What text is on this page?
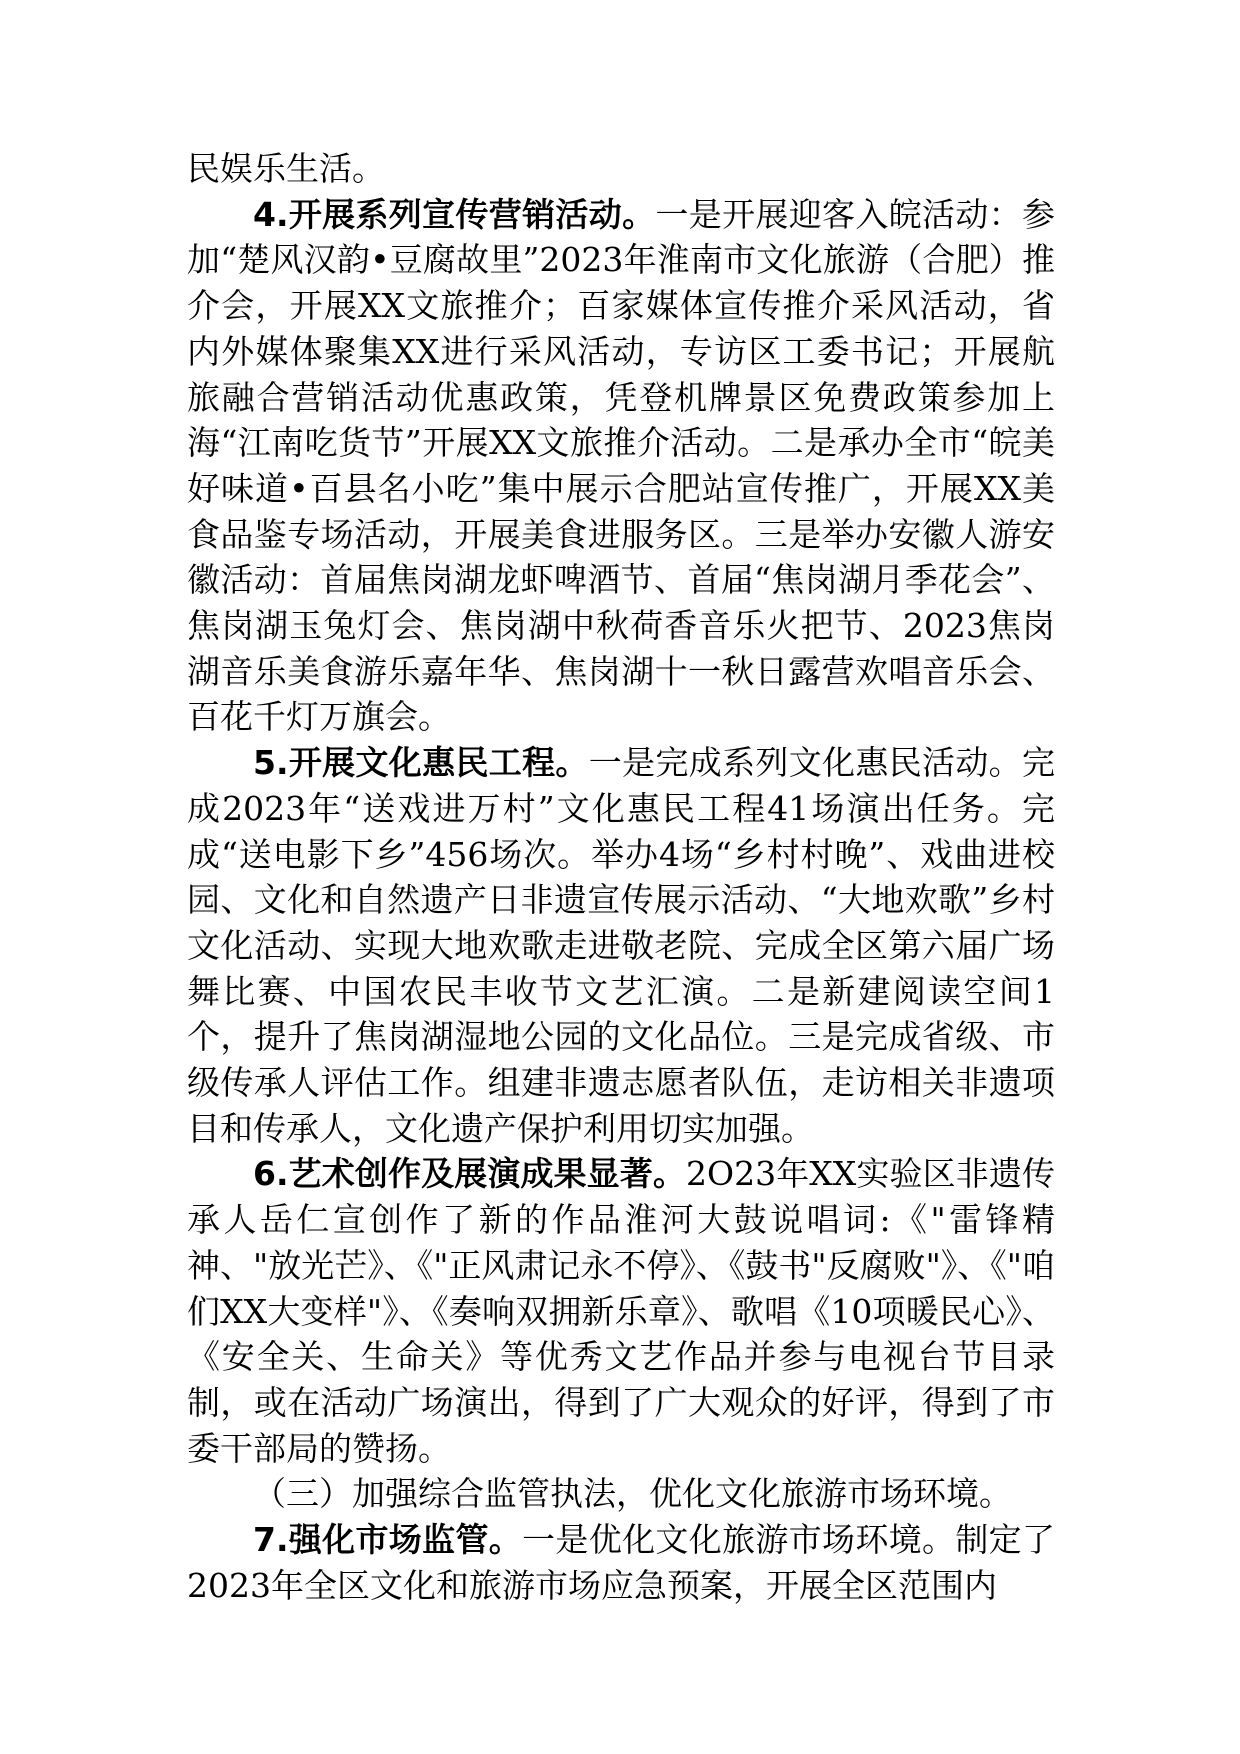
民娱乐生活。

4.开展系列宣传营销活动。一是开展迎客入皖活动：参加“楚风汉韵•豆腐故里”2023年淮南市文化旅游（合肥）推介会，开展XX文旅推介；百家媒体宣传推介采风活动，省内外媒体聚集XX进行采风活动，专访区工委书记；开展航旅融合营销活动优惠政策，凭登机牌景区免费政策参加上海“江南吃货节”开展XX文旅推介活动。二是承办全市“皖美好味道•百县名小吃”集中展示合肥站宣传推广，开展XX美食品鉴专场活动，开展美食进服务区。三是举办安徽人游安徽活动：首届焦岗湖龙虾啤酒节、首届“焦岗湖月季花会”、焦岗湖玉兔灯会、焦岗湖中秋荷香音乐火把节、2023焦岗湖音乐美食游乐嘉年华、焦岗湖十一秋日露营欢唱音乐会、百花千灯万旗会。

5.开展文化惠民工程。一是完成系列文化惠民活动。完成2023年“送戏进万村”文化惠民工程41场演出任务。完成“送电影下乡”456场次。举办4场“乡村村晚”、戏曲进校园、文化和自然遗产日非遗宣传展示活动、“大地欢歌”乡村文化活动、实现大地欢歌走进敬老院、完成全区第六届广场舞比赛、中国农民丰收节文艺汇演。二是新建阅读空间1个，提升了焦岗湖湿地公园的文化品位。三是完成省级、市级传承人评估工作。组建非遗志愿者队伍，走访相关非遗项目和传承人，文化遗产保护利用切实加强。

6.艺术创作及展演成果显著。2O23年XX实验区非遗传承人岳仁宣创作了新的作品淮河大鼓说唱词:《"雷锋精神、"放光芒》、《"正风肃记永不停》、《鼓书"反腐败"》、《"咱们XX大变样"》、《奏响双拥新乐章》、歌唱《10项暖民心》、《安全关、生命关》等优秀文艺作品并参与电视台节目录制，或在活动广场演出，得到了广大观众的好评，得到了市委干部局的赞扬。

（三）加强综合监管执法，优化文化旅游市场环境。

7.强化市场监管。一是优化文化旅游市场环境。制定了2023年全区文化和旅游市场应急预案，开展全区范围内
